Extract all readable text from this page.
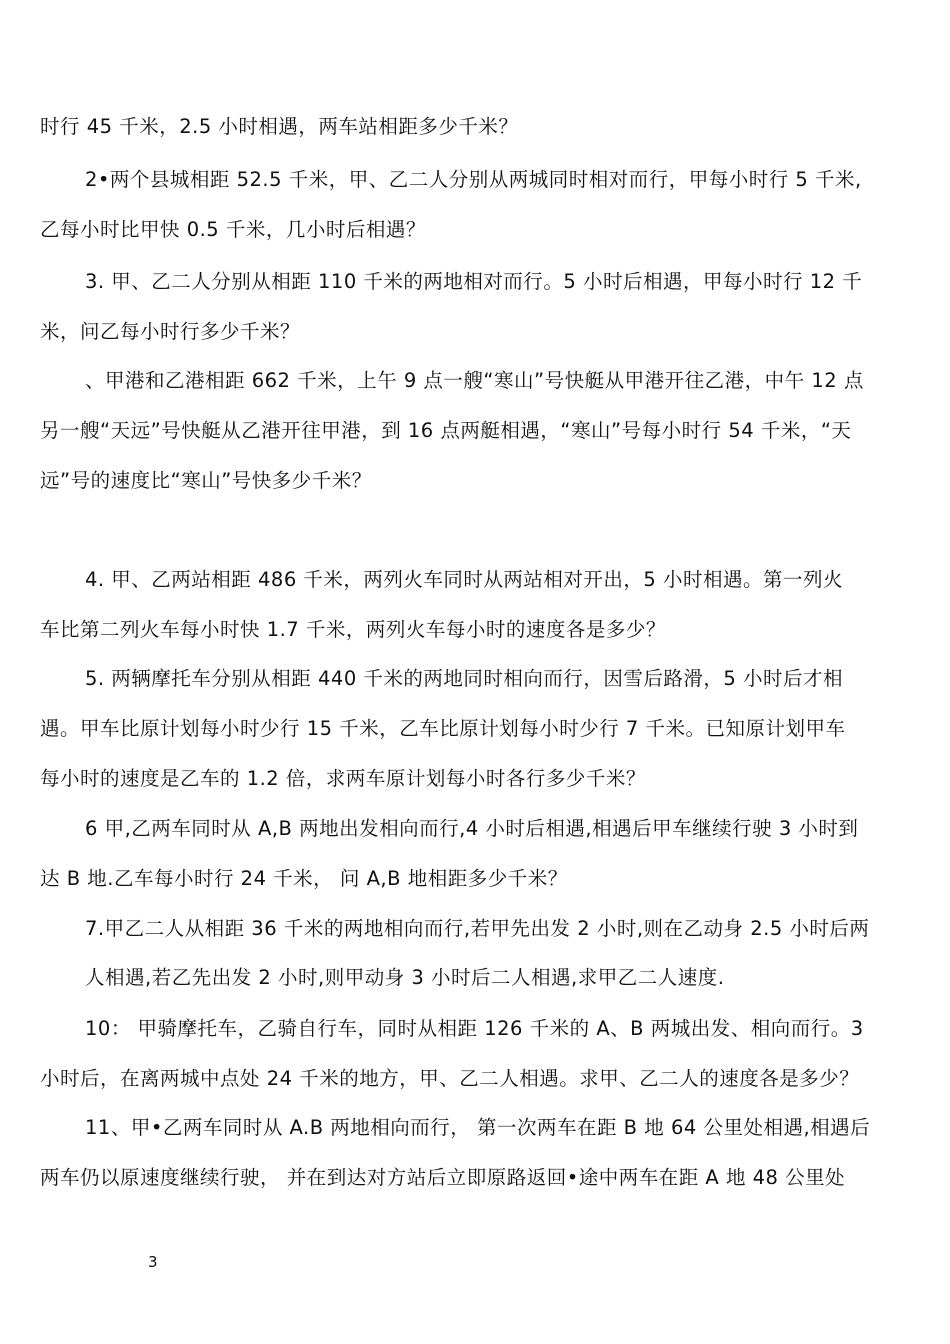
时行 45 千米，2.5 小时相遇，两车站相距多少千米？
2•两个县城相距 52.5 千米，甲、乙二人分别从两城同时相对而行，甲每小时行 5 千米,
乙每小时比甲快 0.5 千米，几小时后相遇？
3. 甲、乙二人分别从相距 110 千米的两地相对而行。5 小时后相遇，甲每小时行 12 千
米，问乙每小时行多少千米？
、甲港和乙港相距 662 千米，上午 9 点一艘“寒山”号快艇从甲港开往乙港，中午 12 点
另一艘“天远”号快艇从乙港开往甲港，到 16 点两艇相遇，“寒山”号每小时行 54 千米，“天
远”号的速度比“寒山”号快多少千米？
4. 甲、乙两站相距 486 千米，两列火车同时从两站相对开出，5 小时相遇。第一列火
车比第二列火车每小时快 1.7 千米，两列火车每小时的速度各是多少？
5. 两辆摩托车分别从相距 440 千米的两地同时相向而行，因雪后路滑，5 小时后才相
遇。甲车比原计划每小时少行 15 千米，乙车比原计划每小时少行 7 千米。已知原计划甲车
每小时的速度是乙车的 1.2 倍，求两车原计划每小时各行多少千米？
6 甲,乙两车同时从 A,B 两地出发相向而行,4 小时后相遇,相遇后甲车继续行驶 3 小时到
达 B 地.乙车每小时行 24 千米， 问 A,B 地相距多少千米？
7.甲乙二人从相距 36 千米的两地相向而行,若甲先出发 2 小时,则在乙动身 2.5 小时后两
人相遇,若乙先出发 2 小时,则甲动身 3 小时后二人相遇,求甲乙二人速度.
10： 甲骑摩托车，乙骑自行车，同时从相距 126 千米的 A、B 两城出发、相向而行。3
小时后，在离两城中点处 24 千米的地方，甲、乙二人相遇。求甲、乙二人的速度各是多少？
11、甲•乙两车同时从 A.B 两地相向而行， 第一次两车在距 B 地 64 公里处相遇,相遇后
两车仍以原速度继续行驶， 并在到达对方站后立即原路返回•途中两车在距 A 地 48 公里处
3
